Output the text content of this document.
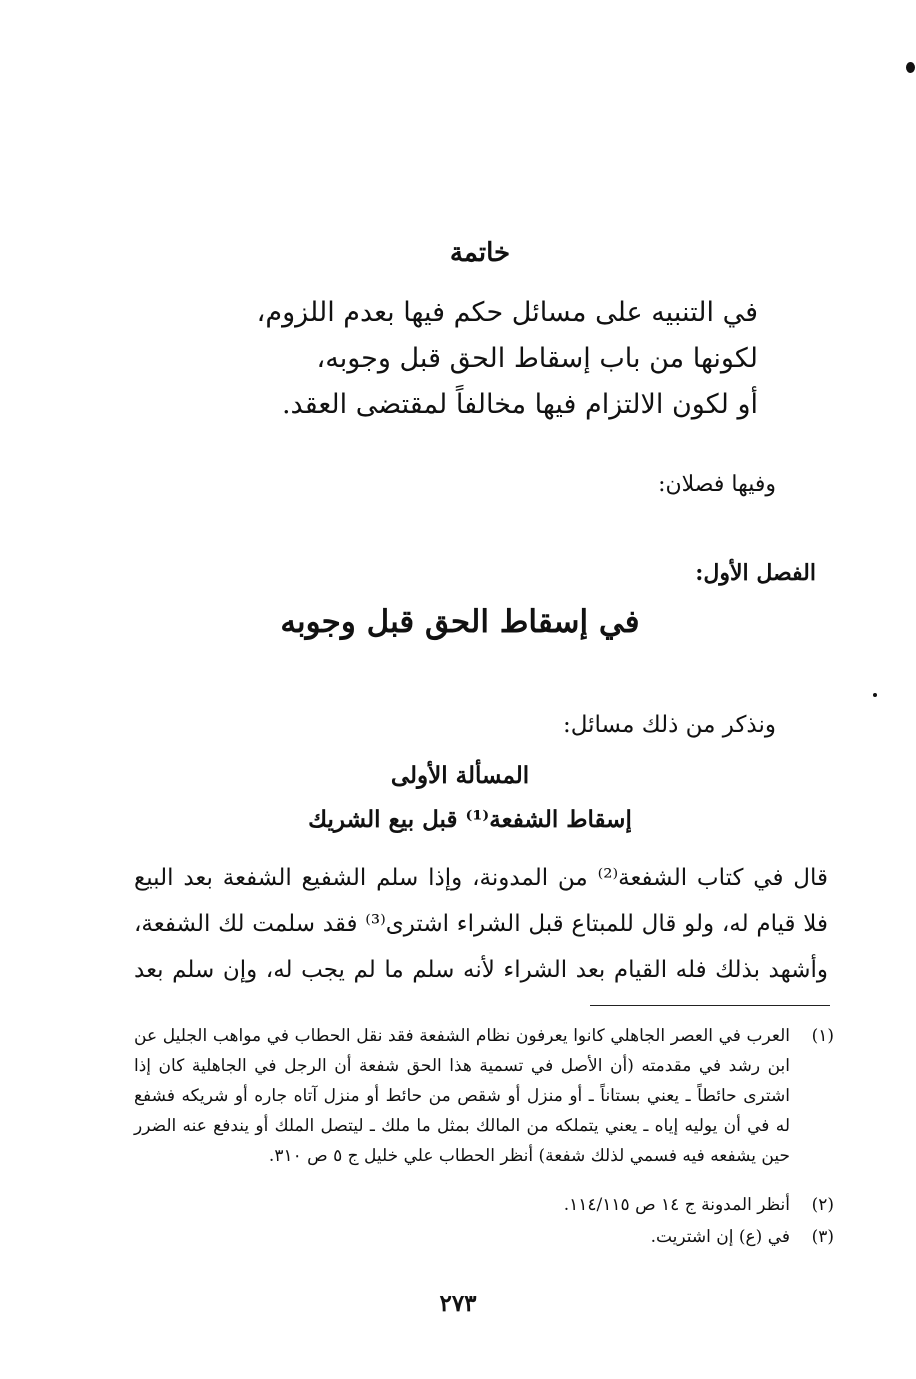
خاتمة
في التنبيه على مسائل حكم فيها بعدم اللزوم،
لكونها من باب إسقاط الحق قبل وجوبه،
أو لكون الالتزام فيها مخالفاً لمقتضى العقد.
وفيها فصلان:
الفصل الأول:
في إسقاط الحق قبل وجوبه
ونذكر من ذلك مسائل:
المسألة الأولى
إسقاط الشفعة⁽¹⁾ قبل بيع الشريك
قال في كتاب الشفعة⁽²⁾ من المدونة، وإذا سلم الشفيع الشفعة بعد البيع
فلا قيام له، ولو قال للمبتاع قبل الشراء اشترى⁽³⁾ فقد سلمت لك الشفعة،
وأشهد بذلك فله القيام بعد الشراء لأنه سلم ما لم يجب له، وإن سلم بعد
(١)
العرب في العصر الجاهلي كانوا يعرفون نظام الشفعة فقد نقل الحطاب في مواهب الجليل عن
ابن رشد في مقدمته (أن الأصل في تسمية هذا الحق شفعة أن الرجل في الجاهلية كان إذا
اشترى حائطاً ـ يعني بستاناً ـ أو منزل أو شقص من حائط أو منزل آتاه جاره أو شريكه فشفع
له في أن يوليه إياه ـ يعني يتملكه من المالك بمثل ما ملك ـ ليتصل الملك أو يندفع عنه الضرر
حين يشفعه فيه فسمي لذلك شفعة) أنظر الحطاب علي خليل ج ٥ ص ٣١٠.
(٢)
أنظر المدونة ج ١٤ ص ١١٤/١١٥.
(٣)
في (ع) إن اشتريت.
٢٧٣
